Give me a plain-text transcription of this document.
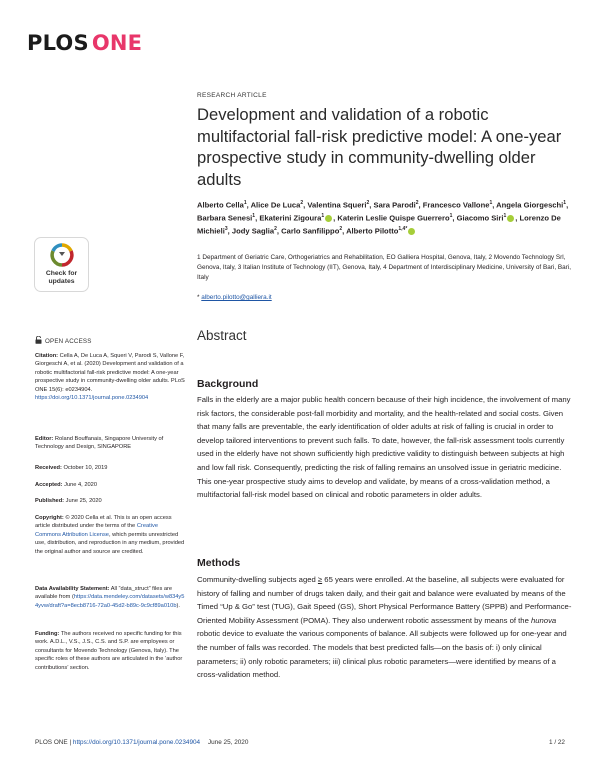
PLOS ONE
RESEARCH ARTICLE
Development and validation of a robotic multifactorial fall-risk predictive model: A one-year prospective study in community-dwelling older adults
Alberto Cella$^1$, Alice De Luca$^2$, Valentina Squeri$^2$, Sara Parodi$^2$, Francesco Vallone$^1$, Angela Giorgeschi$^1$, Barbara Senesi$^1$, Ekaterini Zigoura$^1$ , Katerin Leslie Quispe Guerrero$^1$, Giacomo Siri$^1$ , Lorenzo De Michieli$^3$, Jody Saglia$^2$, Carlo Sanfilippo$^2$, Alberto Pilotto$^{1,4*}$
1 Department of Geriatric Care, Orthogeriatrics and Rehabilitation, EO Galliera Hospital, Genova, Italy, 2 Movendo Technology Srl, Genova, Italy, 3 Italian Institute of Technology (IIT), Genova, Italy, 4 Department of Interdisciplinary Medicine, University of Bari, Bari, Italy
* alberto.pilotto@galliera.it
Check for
updates
OPEN ACCESS
Citation: Cella A, De Luca A, Squeri V, Parodi S, Vallone F, Giorgeschi A, et al. (2020) Development and validation of a robotic multifactorial fall-risk predictive model: A one-year prospective study in community-dwelling older adults. PLoS ONE 15(6): e0234904. https://doi.org/10.1371/journal.pone.0234904
Editor: Roland Bouffanais, Singapore University of Technology and Design, SINGAPORE
Received: October 10, 2019
Accepted: June 4, 2020
Published: June 25, 2020
Copyright: © 2020 Cella et al. This is an open access article distributed under the terms of the Creative Commons Attribution License, which permits unrestricted use, distribution, and reproduction in any medium, provided the original author and source are credited.
Data Availability Statement: All “data_struct” files are available from (https://data.mendeley.com/datasets/w834y54yvw/draft?a=8ecb8716-72a0-45d2-b89c-9c9cf89a010b).
Funding: The authors received no specific funding for this work. A.D.L., V.S., J.S., C.S. and S.P. are employees or consultants for Movendo Technology (Genova, Italy). The specific roles of these authors are articulated in the ‘author contributions’ section.
Abstract
Background
Falls in the elderly are a major public health concern because of their high incidence, the involvement of many risk factors, the considerable post-fall morbidity and mortality, and the health-related and social costs. Given that many falls are preventable, the early identification of older adults at risk of falling is crucial in order to develop tailored interventions to prevent such falls. To date, however, the fall-risk assessment tools currently used in the elderly have not shown sufficiently high predictive validity to distinguish between subjects at high and low fall risk. Consequently, predicting the risk of falling remains an unsolved issue in geriatric medicine. This one-year prospective study aims to develop and validate, by means of a cross-validation method, a multifactorial fall-risk model based on clinical and robotic parameters in older adults.
Methods
Community-dwelling subjects aged ≥ 65 years were enrolled. At the baseline, all subjects were evaluated for history of falling and number of drugs taken daily, and their gait and balance were evaluated by means of the Timed “Up & Go” test (TUG), Gait Speed (GS), Short Physical Performance Battery (SPPB) and Performance-Oriented Mobility Assessment (POMA). They also underwent robotic assessment by means of the hunova robotic device to evaluate the various components of balance. All subjects were followed up for one-year and the number of falls was recorded. The models that best predicted falls—on the basis of: i) only clinical parameters; ii) only robotic parameters; iii) clinical plus robotic parameters—were identified by means of a cross-validation method.
PLOS ONE | https://doi.org/10.1371/journal.pone.0234904 June 25, 2020	1 / 22
